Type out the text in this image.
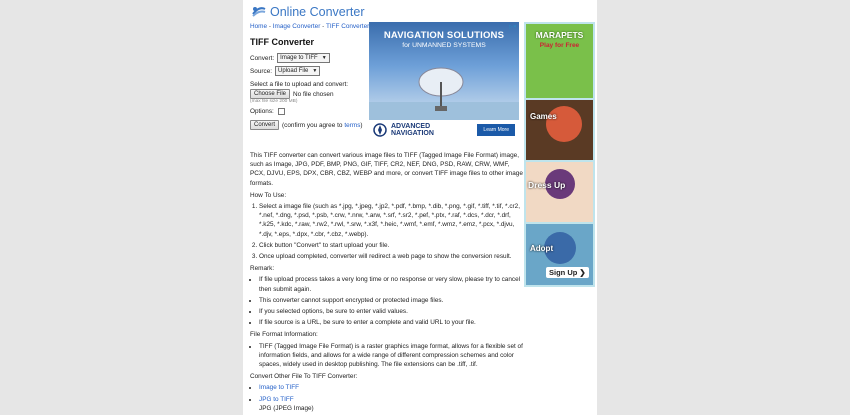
Online Converter
Home - Image Converter - TIFF Converter
TIFF Converter
Convert: Image to TIFF ▼
Source: Upload File ▼
Select a file to upload and convert:
Choose File	No file chosen
(max file size 200 MB)
Options:
Convert	(confirm you agree to terms )
NAVIGATION SOLUTIONS
for UNMANNED SYSTEMS
▷✕
ADVANCED
NAVIGATION	Learn More
MARAPETS
Play for Free
Games
Dress Up
Adopt
Sign Up ❯

This TIFF converter can convert various image files to TIFF (Tagged Image File Format) image, such as Image, JPG, PDF, BMP, PNG, GIF, TIFF, CR2, NEF, DNG, PSD, RAW, CRW, WMF, PCX, DJVU, EPS, DPX, CBR, CBZ, WEBP and more, or convert TIFF image files to other image formats.

How To Use:
1. Select a image file (such as *.jpg, *.jpeg, *.jp2, *.pdf, *.bmp, *.dib, *.png, *.gif, *.tiff, *.tif, *.cr2, *.nef, *.dng, *.psd, *.psb, *.crw, *.nrw, *.arw, *.srf, *.sr2, *.pef, *.ptx, *.raf, *.dcs, *.dcr, *.drf, *.k25, *.kdc, *.raw, *.rw2, *.rwl, *.srw, *.x3f, *.heic, *.wmf, *.emf, *.wmz, *.emz, *.pcx, *.djvu, *.djv, *.eps, *.dpx, *.cbr, *.cbz, *.webp).
2. Click button "Convert" to start upload your file.
3. Once upload completed, converter will redirect a web page to show the conversion result.
Remark:
• If file upload process takes a very long time or no response or very slow, please try to cancel then submit again.
• This converter cannot support encrypted or protected image files.
• If you selected options, be sure to enter valid values.
• If file source is a URL, be sure to enter a complete and valid URL to your file.
File Format Information:
• TIFF (Tagged Image File Format) is a raster graphics image format, allows for a flexible set of information fields, and allows for a wide range of different compression schemes and color spaces, widely used in desktop publishing. The file extensions can be .tiff, .tif.
Convert Other File To TIFF Converter:
• Image to TIFF
• JPG to TIFF
JPG (JPEG Image)
